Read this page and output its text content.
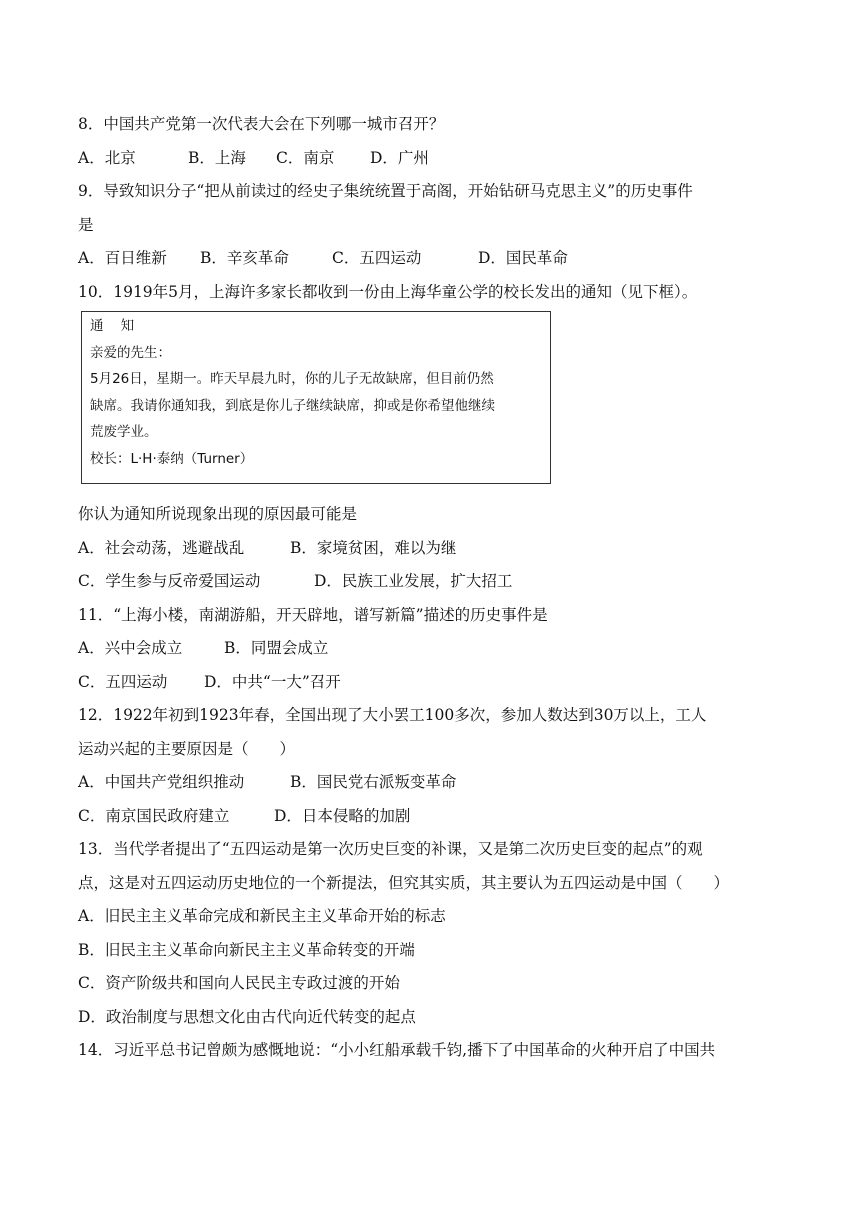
8．中国共产党第一次代表大会在下列哪一城市召开？
A．北京	B．上海	C．南京	D．广州
9．导致知识分子“把从前读过的经史子集统统置于高阁，开始钻研马克思主义”的历史事件
是
A．百日维新	B．辛亥革命	C．五四运动	D．国民革命
10．1919年5月，上海许多家长都收到一份由上海华童公学的校长发出的通知（见下框）。
通    知
亲爱的先生：
5月26日，星期一。昨天早晨九时，你的儿子无故缺席，但目前仍然
缺席。我请你通知我，到底是你儿子继续缺席，抑或是你希望他继续
荒废学业。
校长：L·H·泰纳（Turner）
你认为通知所说现象出现的原因最可能是
A．社会动荡，逃避战乱	B．家境贫困，难以为继
C．学生参与反帝爱国运动	D．民族工业发展，扩大招工
11．“上海小楼，南湖游船，开天辟地，谱写新篇”描述的历史事件是
A．兴中会成立	B．同盟会成立
C．五四运动	D．中共“一大”召开
12．1922年初到1923年春，全国出现了大小罢工100多次，参加人数达到30万以上，工人
运动兴起的主要原因是（　　）
A．中国共产党组织推动	B．国民党右派叛变革命
C．南京国民政府建立	D．日本侵略的加剧
13．当代学者提出了“五四运动是第一次历史巨变的补课，又是第二次历史巨变的起点”的观
点，这是对五四运动历史地位的一个新提法，但究其实质，其主要认为五四运动是中国（　　）
A．旧民主主义革命完成和新民主主义革命开始的标志
B．旧民主主义革命向新民主主义革命转变的开端
C．资产阶级共和国向人民民主专政过渡的开始
D．政治制度与思想文化由古代向近代转变的起点
14．习近平总书记曾颇为感慨地说：“小小红船承载千钧,播下了中国革命的火种开启了中国共
